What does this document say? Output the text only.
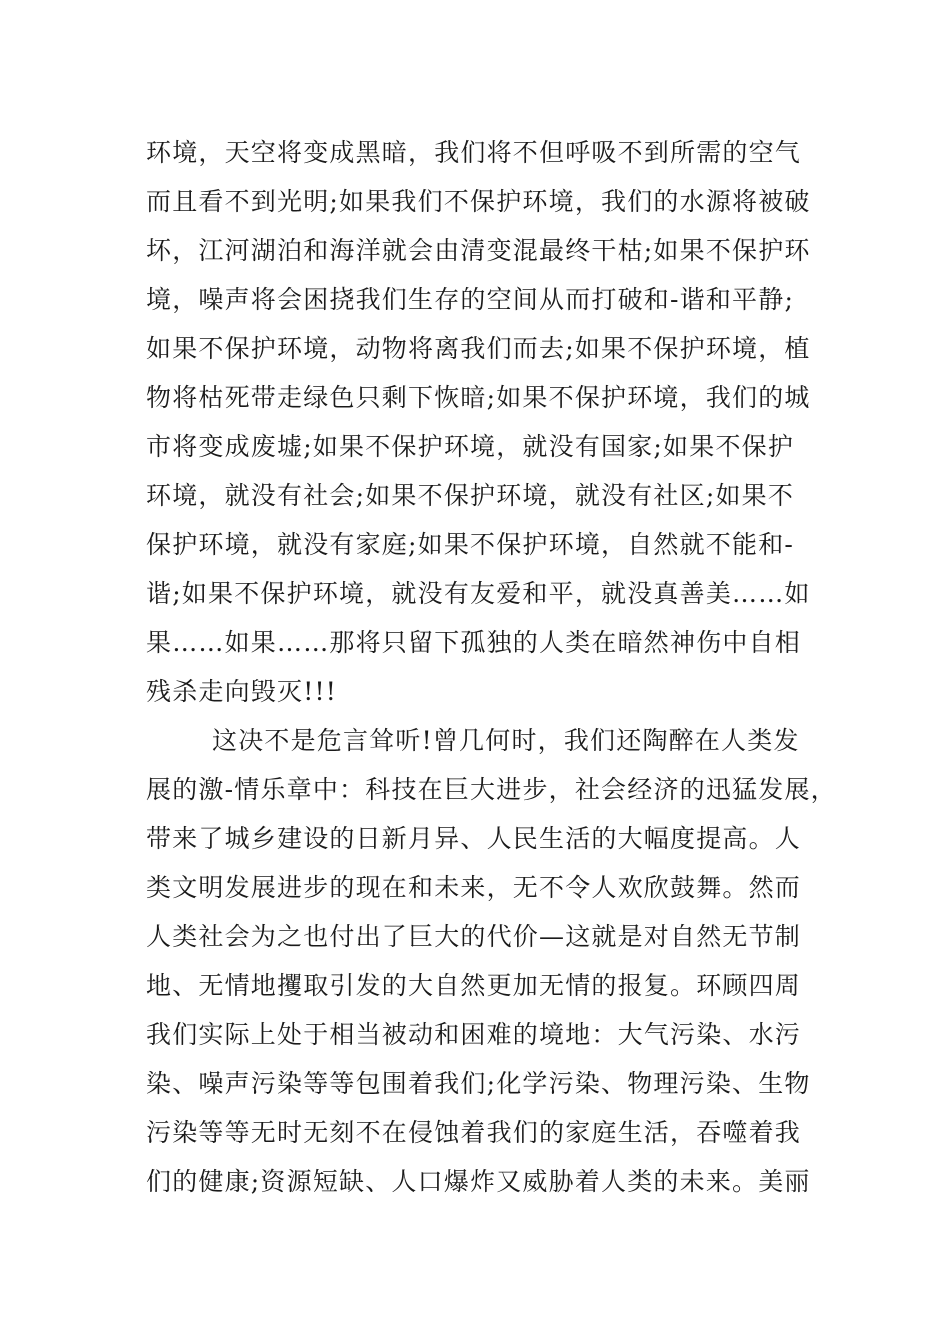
环境，天空将变成黑暗，我们将不但呼吸不到所需的空气
而且看不到光明;如果我们不保护环境，我们的水源将被破
坏，江河湖泊和海洋就会由清变混最终干枯;如果不保护环
境，噪声将会困挠我们生存的空间从而打破和-谐和平静;
如果不保护环境，动物将离我们而去;如果不保护环境，植
物将枯死带走绿色只剩下恢暗;如果不保护环境，我们的城
市将变成废墟;如果不保护环境，就没有国家;如果不保护
环境，就没有社会;如果不保护环境，就没有社区;如果不
保护环境，就没有家庭;如果不保护环境，自然就不能和-
谐;如果不保护环境，就没有友爱和平，就没真善美……如
果……如果……那将只留下孤独的人类在暗然神伤中自相
残杀走向毁灭!!!
这决不是危言耸听!曾几何时，我们还陶醉在人类发
展的激-情乐章中：科技在巨大进步，社会经济的迅猛发展，
带来了城乡建设的日新月异、人民生活的大幅度提高。人
类文明发展进步的现在和未来，无不令人欢欣鼓舞。然而
人类社会为之也付出了巨大的代价—这就是对自然无节制
地、无情地攫取引发的大自然更加无情的报复。环顾四周
我们实际上处于相当被动和困难的境地：大气污染、水污
染、噪声污染等等包围着我们;化学污染、物理污染、生物
污染等等无时无刻不在侵蚀着我们的家庭生活，吞噬着我
们的健康;资源短缺、人口爆炸又威胁着人类的未来。美丽
